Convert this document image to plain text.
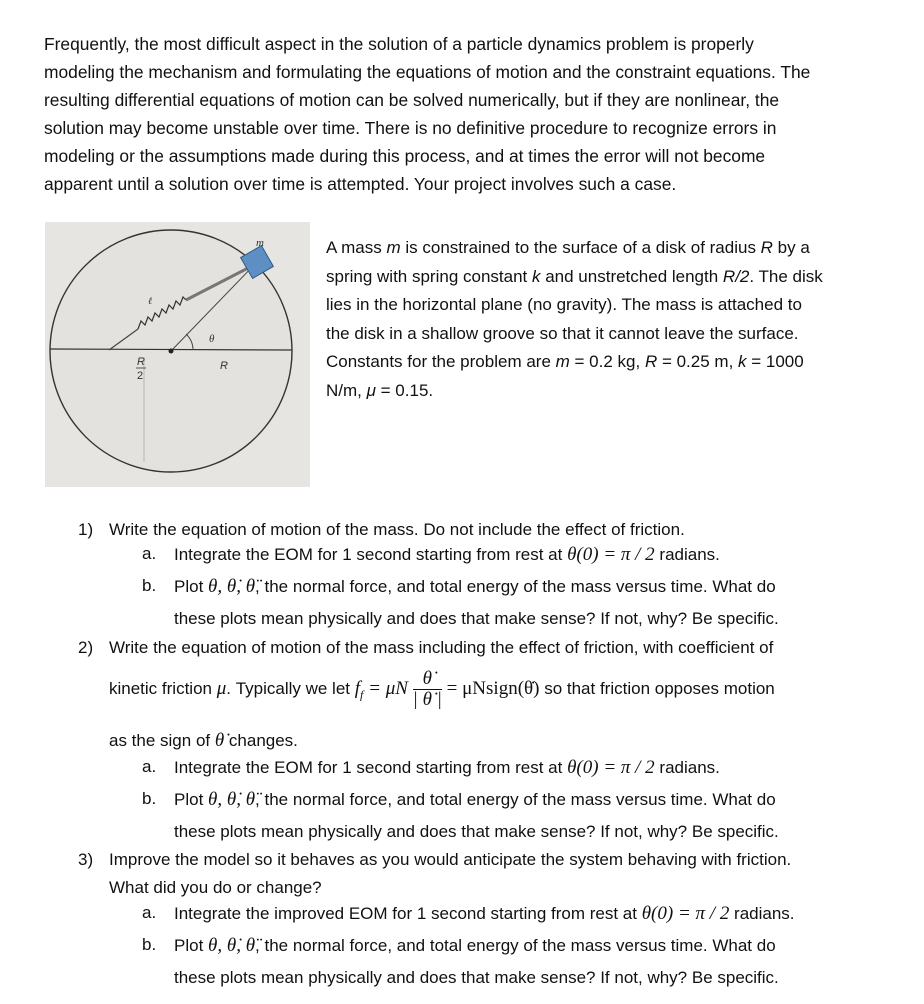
Frequently, the most difficult aspect in the solution of a particle dynamics problem is properly
modeling the mechanism and formulating the equations of motion and the constraint equations. The
resulting differential equations of motion can be solved numerically, but if they are nonlinear, the
solution may become unstable over time. There is no definitive procedure to recognize errors in
modeling or the assumptions made during this process, and at times the error will not become
apparent until a solution over time is attempted. Your project involves such a case.
m
ℓ
θ
R
R
2
A mass m is constrained to the surface of a disk of radius R by a
spring with spring constant k and unstretched length R/2. The disk
lies in the horizontal plane (no gravity). The mass is attached to
the disk in a shallow groove so that it cannot leave the surface.
Constants for the problem are m = 0.2 kg, R = 0.25 m, k = 1000
N/m, μ = 0.15.
1) Write the equation of motion of the mass. Do not include the effect of friction.
a. Integrate the EOM for 1 second starting from rest at θ(0) = π / 2 radians.
b. Plot θ, θ̇, θ̈, the normal force, and total energy of the mass versus time. What do
these plots mean physically and does that make sense? If not, why? Be specific.
2) Write the equation of motion of the mass including the effect of friction, with coefficient of
kinetic friction μ. Typically we let $f_f = \mu N \frac{\thetȧ}{| \thetȧ |}$ = μNsign(θ̇) so that friction opposes motion
as the sign of θ̇ changes.
a. Integrate the EOM for 1 second starting from rest at θ(0) = π / 2 radians.
b. Plot θ, θ̇, θ̈, the normal force, and total energy of the mass versus time. What do
these plots mean physically and does that make sense? If not, why? Be specific.
3) Improve the model so it behaves as you would anticipate the system behaving with friction.
What did you do or change?
a. Integrate the improved EOM for 1 second starting from rest at θ(0) = π / 2 radians.
b. Plot θ, θ̇, θ̈, the normal force, and total energy of the mass versus time. What do
these plots mean physically and does that make sense? If not, why? Be specific.
